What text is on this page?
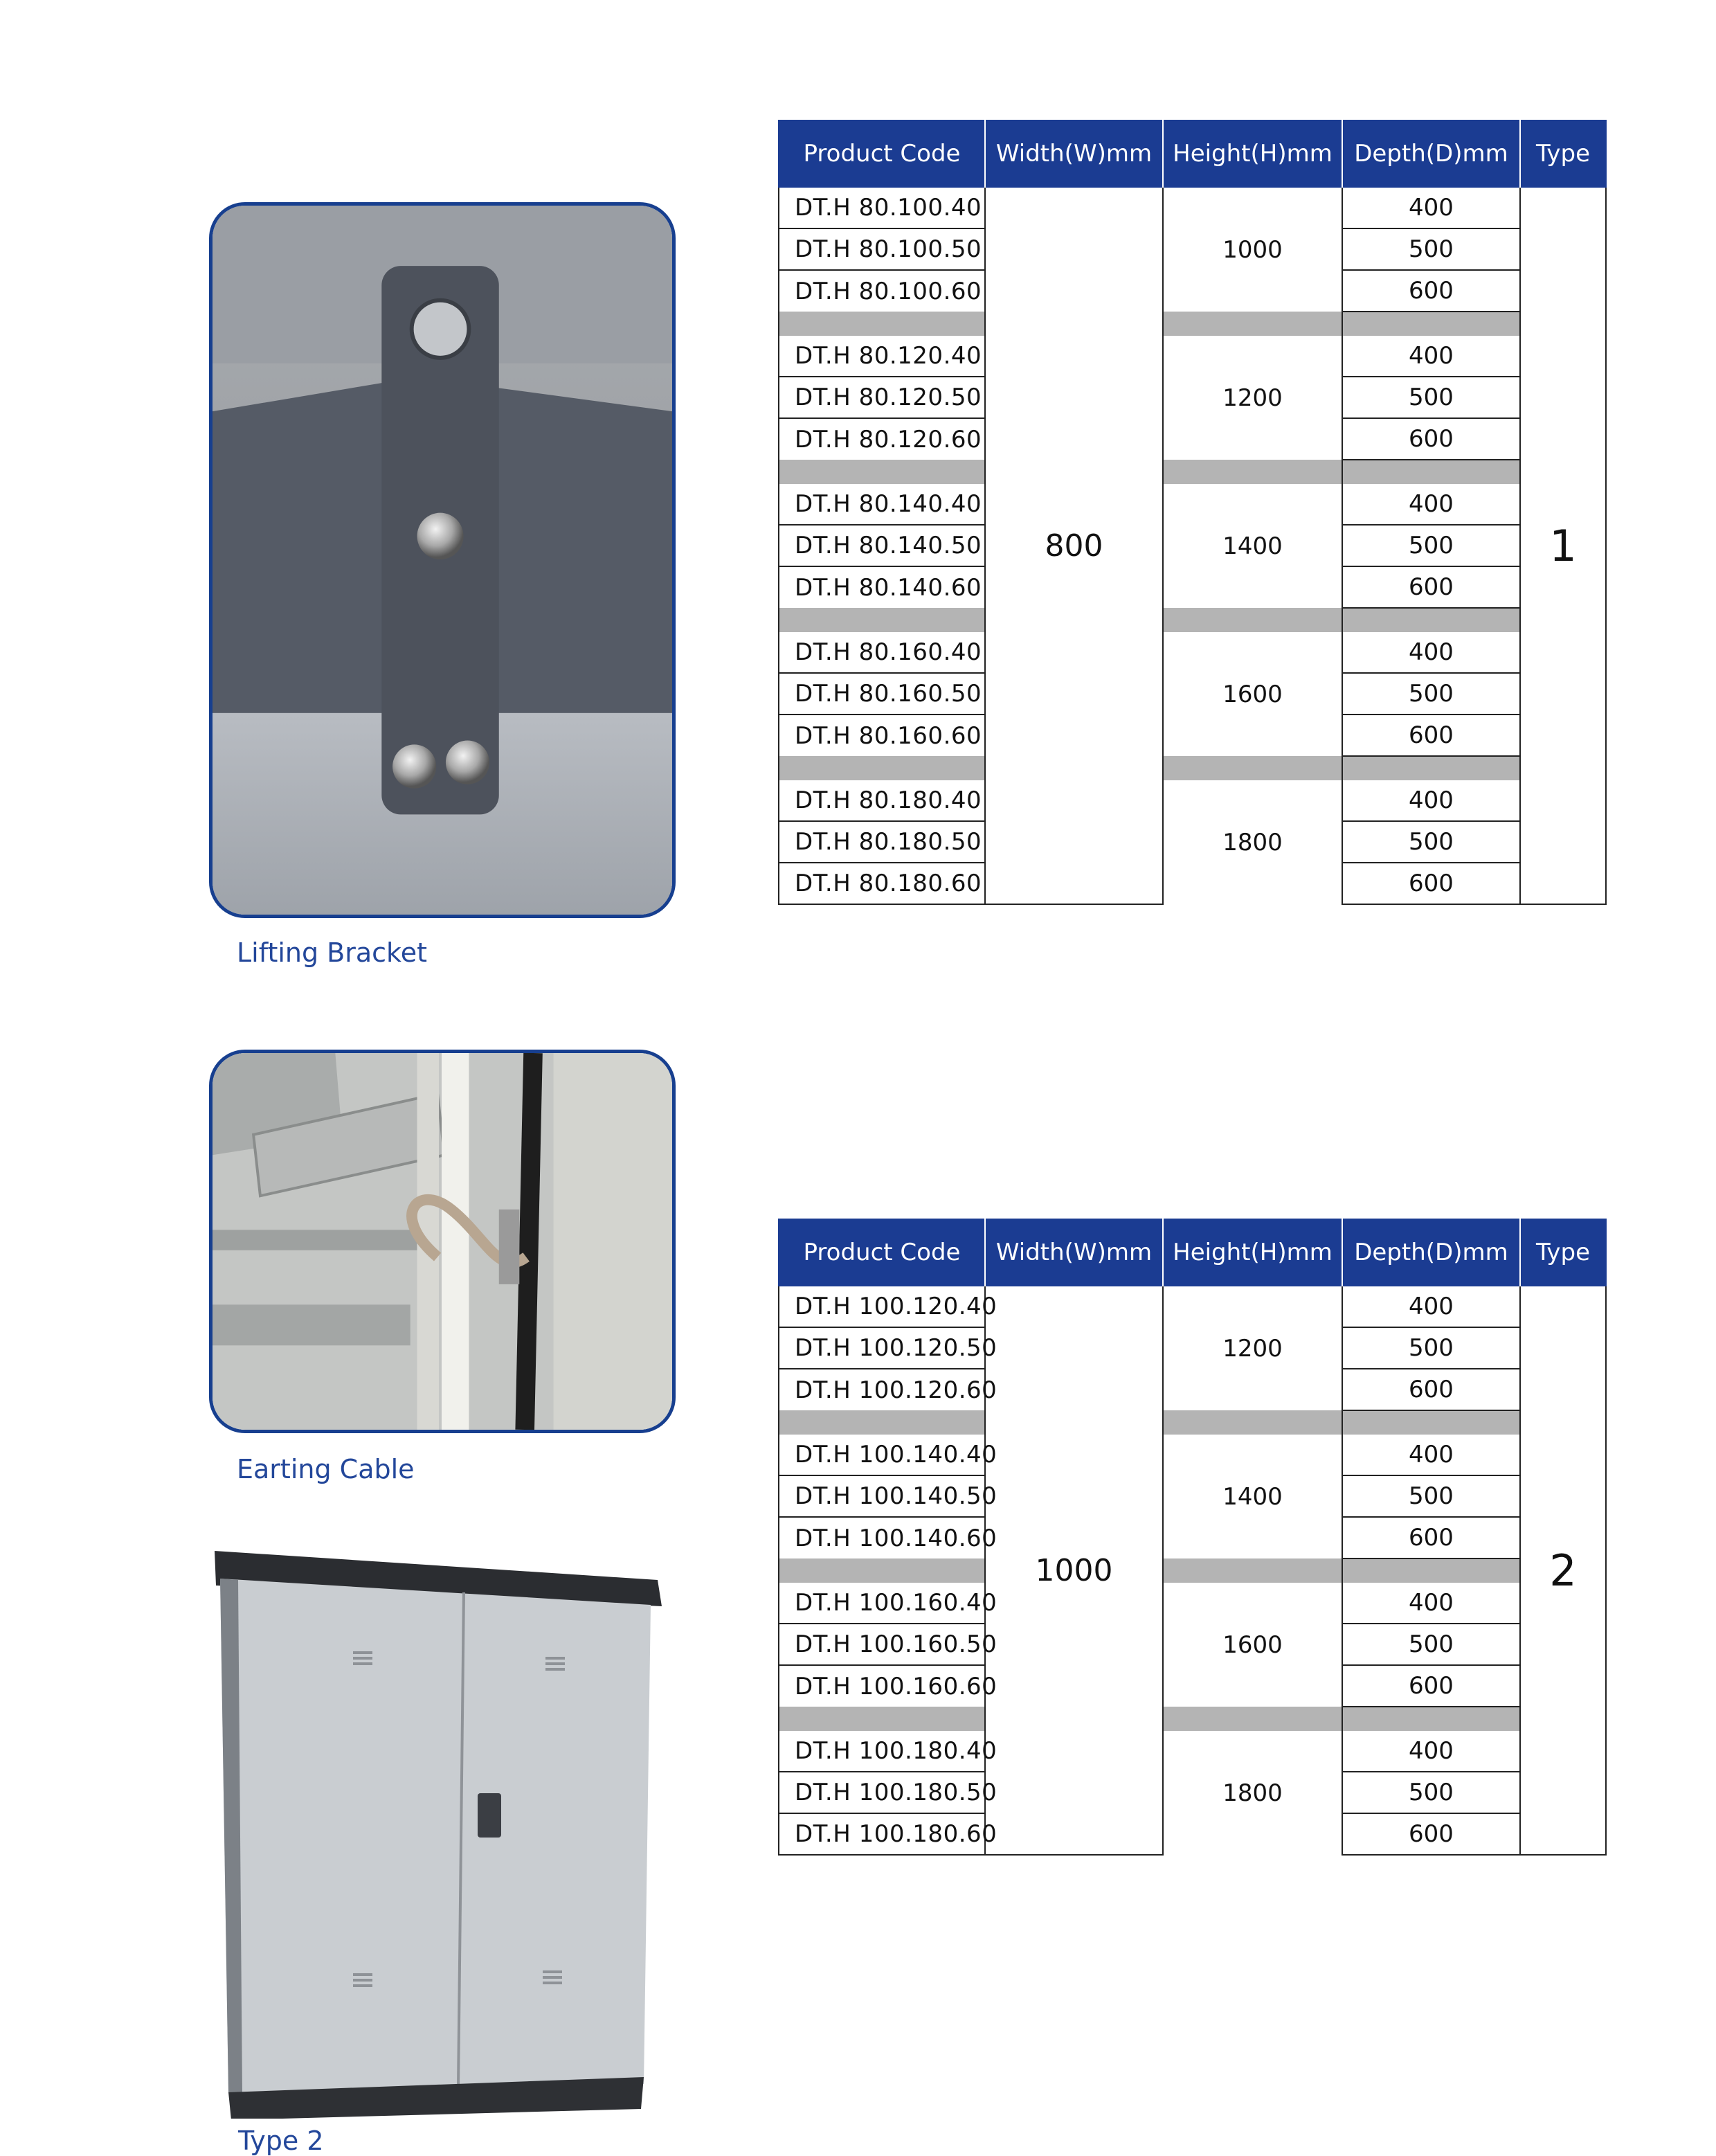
Lifting Bracket
Earting Cable
Type 2
Product Code	Width(W)mm	Height(H)mm	Depth(D)mm	Type
DT.H 80.100.40	800	1000	400	1
DT.H 80.100.50			500	
DT.H 80.100.60			600	

DT.H 80.120.40		1200	400	
DT.H 80.120.50			500	
DT.H 80.120.60			600	

DT.H 80.140.40		1400	400	
DT.H 80.140.50			500	
DT.H 80.140.60			600	

DT.H 80.160.40		1600	400	
DT.H 80.160.50			500	
DT.H 80.160.60			600	

DT.H 80.180.40		1800	400	
DT.H 80.180.50			500	
DT.H 80.180.60			600	
Product Code	Width(W)mm	Height(H)mm	Depth(D)mm	Type
DT.H 100.120.40	1000	1200	400	2
DT.H 100.120.50			500	
DT.H 100.120.60			600	

DT.H 100.140.40		1400	400	
DT.H 100.140.50			500	
DT.H 100.140.60			600	

DT.H 100.160.40		1600	400	
DT.H 100.160.50			500	
DT.H 100.160.60			600	

DT.H 100.180.40		1800	400	
DT.H 100.180.50			500	
DT.H 100.180.60			600	
